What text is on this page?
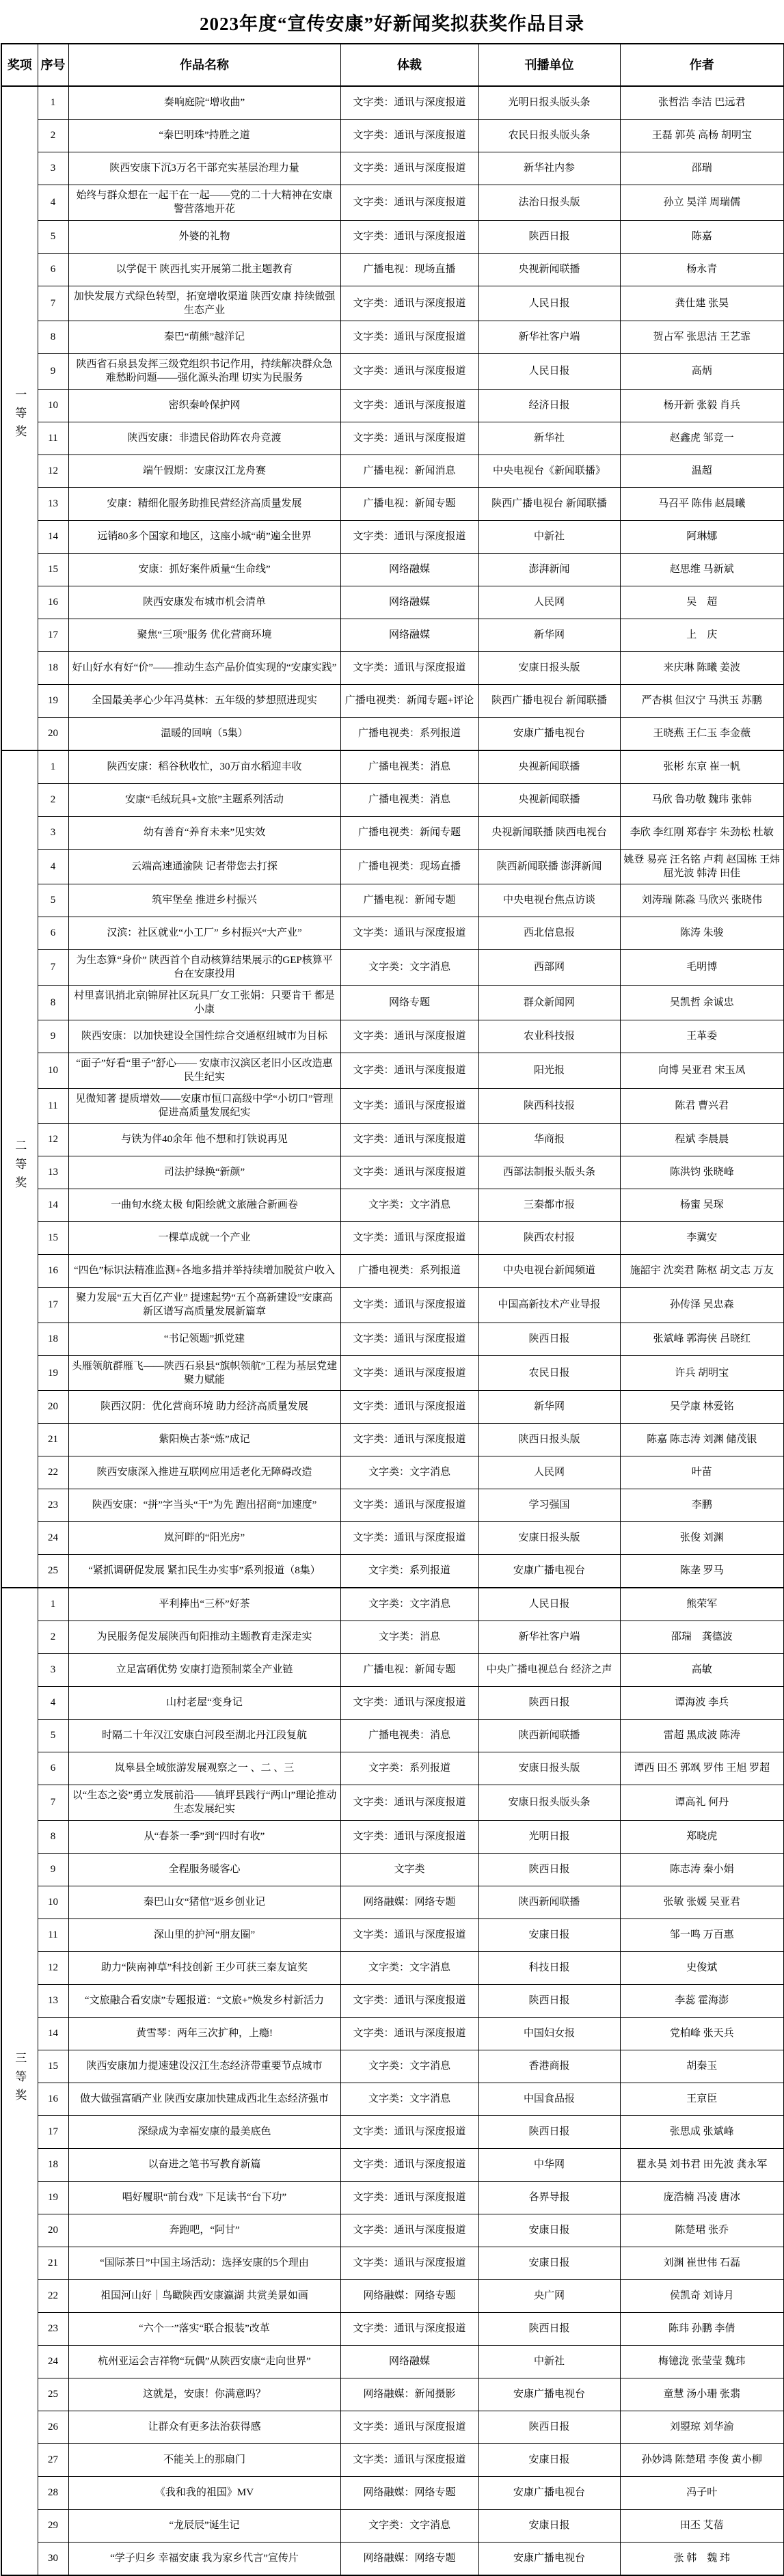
2023年度“宣传安康”好新闻奖拟获奖作品目录
奖项	序号	作品名称	体裁	刊播单位	作者
一等奖	1	奏响庭院“增收曲”	文字类：通讯与深度报道	光明日报头版头条	张哲浩 李洁 巴远君
	2	“秦巴明珠”持胜之道	文字类：通讯与深度报道	农民日报头版头条	王磊 郭英 高杨 胡明宝
	3	陕西安康下沉3万名干部充实基层治理力量	文字类：通讯与深度报道	新华社内参	邵瑞
	4	始终与群众想在一起干在一起——党的二十大精神在安康警营落地开花	文字类：通讯与深度报道	法治日报头版	孙立 昊洋 周瑞儒
	5	外婆的礼物	文字类：通讯与深度报道	陕西日报	陈嘉
	6	以学促干 陕西扎实开展第二批主题教育	广播电视：现场直播	央视新闻联播	杨永青
	7	加快发展方式绿色转型，拓宽增收渠道 陕西安康 持续做强生态产业	文字类：通讯与深度报道	人民日报	龚仕建 张昊
	8	秦巴“萌熊”越洋记	文字类：通讯与深度报道	新华社客户端	贺占军 张思洁 王艺霏
	9	陕西省石泉县发挥三级党组织书记作用，持续解决群众急难愁盼问题——强化源头治理 切实为民服务	文字类：通讯与深度报道	人民日报	高炳
	10	密织秦岭保护网	文字类：通讯与深度报道	经济日报	杨开新 张毅 肖兵
	11	陕西安康：非遗民俗助阵农舟竞渡	文字类：通讯与深度报道	新华社	赵鑫虎 邹竞一
	12	端午假期：安康汉江龙舟赛	广播电视：新闻消息	中央电视台《新闻联播》	温超
	13	安康：精细化服务助推民营经济高质量发展	广播电视：新闻专题	陕西广播电视台 新闻联播	马召平 陈伟 赵晨曦
	14	远销80多个国家和地区，这座小城“萌”遍全世界	文字类：通讯与深度报道	中新社	阿琳娜
	15	安康：抓好案件质量“生命线”	网络融媒	澎湃新闻	赵思维 马新斌
	16	陕西安康发布城市机会清单	网络融媒	人民网	吴　超
	17	聚焦“三项”服务 优化营商环境	网络融媒	新华网	上　庆
	18	好山好水有好“价”——推动生态产品价值实现的“安康实践”	文字类：通讯与深度报道	安康日报头版	来庆琳 陈曦 姜波
	19	全国最美孝心少年冯莫林：五年级的梦想照进现实	广播电视类：新闻专题+评论	陕西广播电视台 新闻联播	严杏棋 但汉宁 马洪玉 苏鹏
	20	温暖的回响（5集）	广播电视类：系列报道	安康广播电视台	王晓燕 王仁玉 李金薇
二等奖	1	陕西安康：稻谷秋收忙，30万亩水稻迎丰收	广播电视类：消息	央视新闻联播	张彬 东京 崔一帆
	2	安康“毛绒玩具+文旅”主题系列活动	广播电视类：消息	央视新闻联播	马欣 鲁功敬 魏玮 张韩
	3	幼有善育“养育未来”见实效	广播电视类：新闻专题	央视新闻联播 陕西电视台	李欣 李红刚 郑春宇 朱劲松 杜敏
	4	云端高速通渝陕 记者带您去打探	广播电视类：现场直播	陕西新闻联播 澎湃新闻	姚登 易亮 汪名铭 卢莉 赵国栋 王炜 屈光波 韩涛 田佳
	5	筑牢堡垒 推进乡村振兴	广播电视：新闻专题	中央电视台焦点访谈	刘涛瑞 陈淼 马欣兴 张晓伟
	6	汉滨：社区就业“小工厂” 乡村振兴“大产业”	文字类：通讯与深度报道	西北信息报	陈涛 朱骏
	7	为生态算“身价” 陕西首个自动核算结果展示的GEP核算平台在安康投用	文字类：文字消息	西部网	毛明博
	8	村里喜讯捎北京|锦屏社区玩具厂女工张娟：只要肯干 都是小康	网络专题	群众新闻网	吴凯哲 余诚忠
	9	陕西安康：以加快建设全国性综合交通枢纽城市为目标	文字类：通讯与深度报道	农业科技报	王革委
	10	“面子”好看“里子”舒心—— 安康市汉滨区老旧小区改造惠民生纪实	文字类：通讯与深度报道	阳光报	向博 吴亚君 宋玉凤
	11	见微知著 提质增效——安康市恒口高级中学“小切口”管理促进高质量发展纪实	文字类：通讯与深度报道	陕西科技报	陈君 曹兴君
	12	与铁为伴40余年 他不想和打铁说再见	文字类：通讯与深度报道	华商报	程斌 李晨晨
	13	司法护绿换“新颜”	文字类：通讯与深度报道	西部法制报头版头条	陈洪钧 张晓峰
	14	一曲旬水绕太极 旬阳绘就文旅融合新画卷	文字类：文字消息	三秦都市报	杨蜜 吴琛
	15	一棵草成就一个产业	文字类：通讯与深度报道	陕西农村报	李冀安
	16	“四色”标识法精准监测+各地多措并举持续增加脱贫户收入	广播电视类：系列报道	中央电视台新闻频道	施韶宇 沈奕君 陈枢 胡文志 万友
	17	聚力发展“五大百亿产业” 提速起势“五个高新建设”安康高新区谱写高质量发展新篇章	文字类：通讯与深度报道	中国高新技术产业导报	孙传泽 吴忠森
	18	“书记领题”抓党建	文字类：通讯与深度报道	陕西日报	张斌峰 郭海侠 吕晓红
	19	头雁领航群雁飞——陕西石泉县“旗帜领航”工程为基层党建聚力赋能	文字类：通讯与深度报道	农民日报	许兵 胡明宝
	20	陕西汉阴：优化营商环境 助力经济高质量发展	文字类：通讯与深度报道	新华网	吴学康 林爱铭
	21	紫阳焕古茶“炼”成记	文字类：通讯与深度报道	陕西日报头版	陈嘉 陈志涛 刘渊 储茂银
	22	陕西安康深入推进互联网应用适老化无障碍改造	文字类：文字消息	人民网	叶苗
	23	陕西安康：“拼”字当头“干”为先 跑出招商“加速度”	文字类：通讯与深度报道	学习强国	李鹏
	24	岚河畔的“阳光房”	文字类：通讯与深度报道	安康日报头版	张俊 刘渊
	25	“紧抓调研促发展 紧扣民生办实事”系列报道（8集）	文字类：系列报道	安康广播电视台	陈垄 罗马
三等奖	1	平利捧出“三杯”好茶	文字类：文字消息	人民日报	熊荣军
	2	为民服务促发展陕西旬阳推动主题教育走深走实	文字类：消息	新华社客户端	邵瑞　龚德波
	3	立足富硒优势 安康打造预制菜全产业链	广播电视：新闻专题	中央广播电视总台 经济之声	高敏
	4	山村老屋“变身记	文字类：通讯与深度报道	陕西日报	谭海波 李兵
	5	时隔二十年汉江安康白河段至湖北丹江段复航	广播电视类：消息	陕西新闻联播	雷超 黑成波 陈涛
	6	岚皋县全域旅游发展观察之一 、二 、三	文字类：系列报道	安康日报头版	谭西 田丕 郭飒 罗伟 王旭 罗超
	7	以“生态之姿”勇立发展前沿——镇坪县践行“两山”理论推动生态发展纪实	文字类：通讯与深度报道	安康日报头版头条	谭高礼 何丹
	8	从“春茶一季”到“四时有收”	文字类：通讯与深度报道	光明日报	郑晓虎
	9	全程服务暖客心	文字类	陕西日报	陈志涛 秦小娟
	10	秦巴山女“猪倌”返乡创业记	网络融媒：网络专题	陕西新闻联播	张敏 张媛 吴亚君
	11	深山里的护河“朋友圈”	文字类：通讯与深度报道	安康日报	邹一鸣 万百惠
	12	助力“陕南神草”科技创新 王少可获三秦友谊奖	文字类：文字消息	科技日报	史俊斌
	13	“文旅融合看安康”专题报道：“文旅+”焕发乡村新活力	文字类：通讯与深度报道	陕西日报	李蕊 霍海澎
	14	黄雪琴：两年三次扩种，上瘾!	文字类：通讯与深度报道	中国妇女报	党柏峰 张天兵
	15	陕西安康加力提速建设汉江生态经济带重要节点城市	文字类：文字消息	香港商报	胡秦玉
	16	做大做强富硒产业 陕西安康加快建成西北生态经济强市	文字类：文字消息	中国食品报	王京臣
	17	深绿成为幸福安康的最美底色	文字类：通讯与深度报道	陕西日报	张思成 张斌峰
	18	以奋进之笔书写教育新篇	文字类：通讯与深度报道	中华网	瞿永昊 刘书君 田先波 龚永军
	19	唱好履职“前台戏” 下足读书“台下功”	文字类：通讯与深度报道	各界导报	庞浩楠 冯凌 唐冰
	20	奔跑吧，“阿甘”	文字类：通讯与深度报道	安康日报	陈楚珺 张乔
	21	“国际茶日”中国主场活动：选择安康的5个理由	文字类：通讯与深度报道	安康日报	刘渊 崔世伟 石磊
	22	祖国河山好｜鸟瞰陕西安康瀛湖 共赏美景如画	网络融媒：网络专题	央广网	侯凯奇 刘诗月
	23	“六个一”落实“联合报装”改革	文字类：通讯与深度报道	陕西日报	陈玮 孙鹏 李倩
	24	杭州亚运会吉祥物“玩偶”从陕西安康“走向世界”	网络融媒	中新社	梅镱泷 张莹莹 魏玮
	25	这就是，安康！你满意吗？	网络融媒：新闻摄影	安康广播电视台	童慧 汤小珊 张翡
	26	让群众有更多法治获得感	文字类：通讯与深度报道	陕西日报	刘曌琼 刘华渝
	27	不能关上的那扇门	文字类：通讯与深度报道	安康日报	孙妙鸿 陈楚珺 李俊 黄小柳
	28	《我和我的祖国》MV	网络融媒：网络专题	安康广播电视台	冯子叶
	29	“龙辰辰”诞生记	文字类：文字消息	安康日报	田丕 艾蓓
	30	“学子归乡 幸福安康 我为家乡代言”宣传片	网络融媒：网络专题	安康广播电视台	张 韩　魏 玮
